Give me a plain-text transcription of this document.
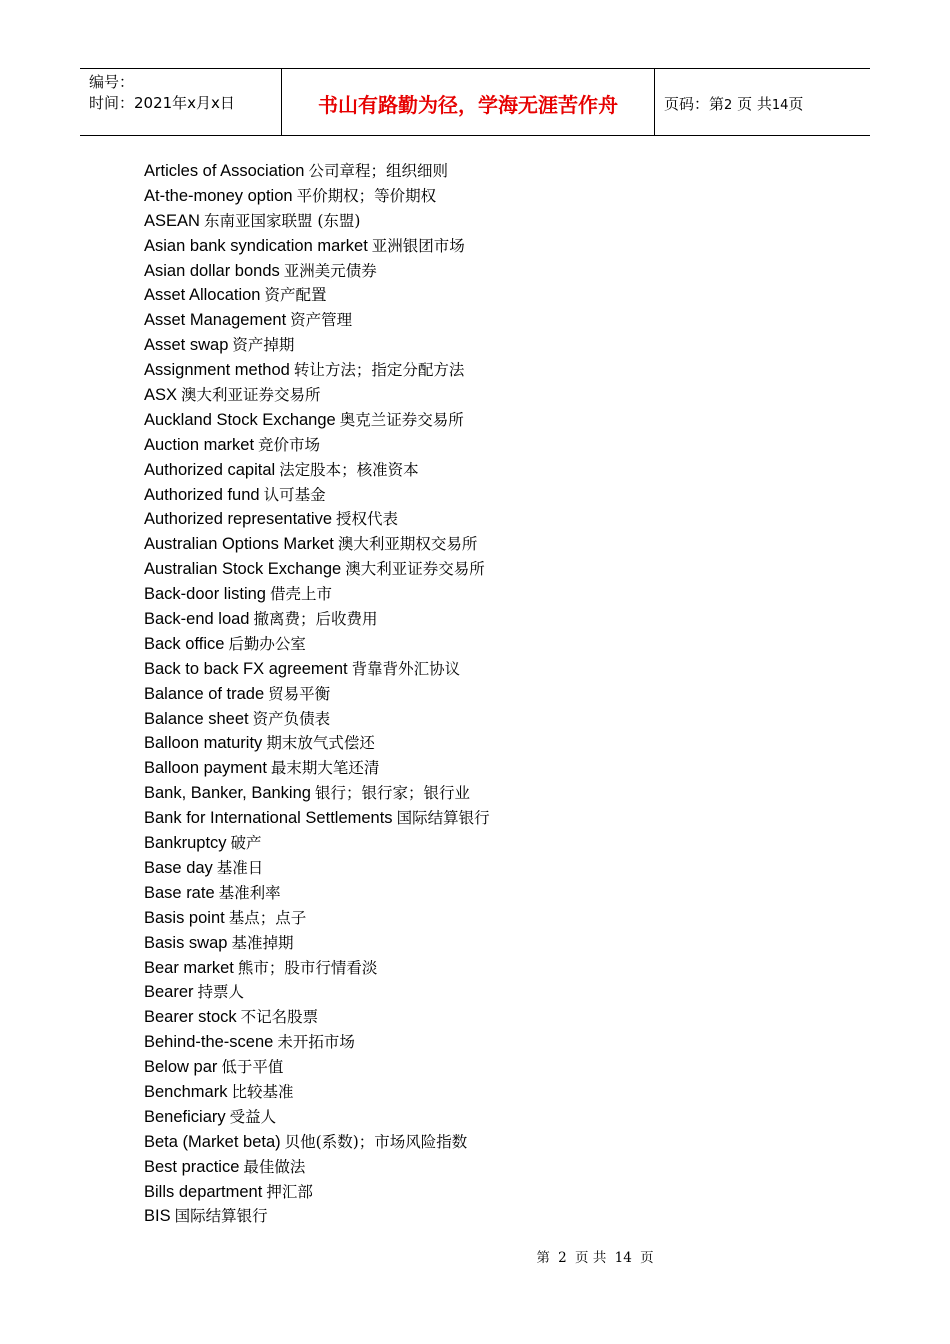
编号：
时间：2021年x月x日	书山有路勤为径，学海无涯苦作舟	页码：第2 页 共14页
Articles of Association 公司章程；组织细则
At-the-money option 平价期权；等价期权
ASEAN 东南亚国家联盟 (东盟)
Asian bank syndication market 亚洲银团市场
Asian dollar bonds 亚洲美元债券
Asset Allocation 资产配置
Asset Management 资产管理
Asset swap 资产掉期
Assignment method 转让方法；指定分配方法
ASX 澳大利亚证券交易所
Auckland Stock Exchange 奥克兰证券交易所
Auction market 竞价市场
Authorized capital 法定股本；核准资本
Authorized fund 认可基金
Authorized representative 授权代表
Australian Options Market 澳大利亚期权交易所
Australian Stock Exchange 澳大利亚证券交易所
Back-door listing 借壳上市
Back-end load 撤离费；后收费用
Back office 后勤办公室
Back to back FX agreement 背靠背外汇协议
Balance of trade 贸易平衡
Balance sheet 资产负债表
Balloon maturity 期末放气式偿还
Balloon payment 最末期大笔还清
Bank, Banker, Banking 银行；银行家；银行业
Bank for International Settlements 国际结算银行
Bankruptcy 破产
Base day 基准日
Base rate 基准利率
Basis point 基点；点子
Basis swap 基准掉期
Bear market 熊市；股市行情看淡
Bearer 持票人
Bearer stock 不记名股票
Behind-the-scene 未开拓市场
Below par 低于平值
Benchmark 比较基准
Beneficiary 受益人
Beta (Market beta) 贝他(系数)；市场风险指数
Best practice 最佳做法
Bills department 押汇部
BIS 国际结算银行
第 2 页 共 14 页
